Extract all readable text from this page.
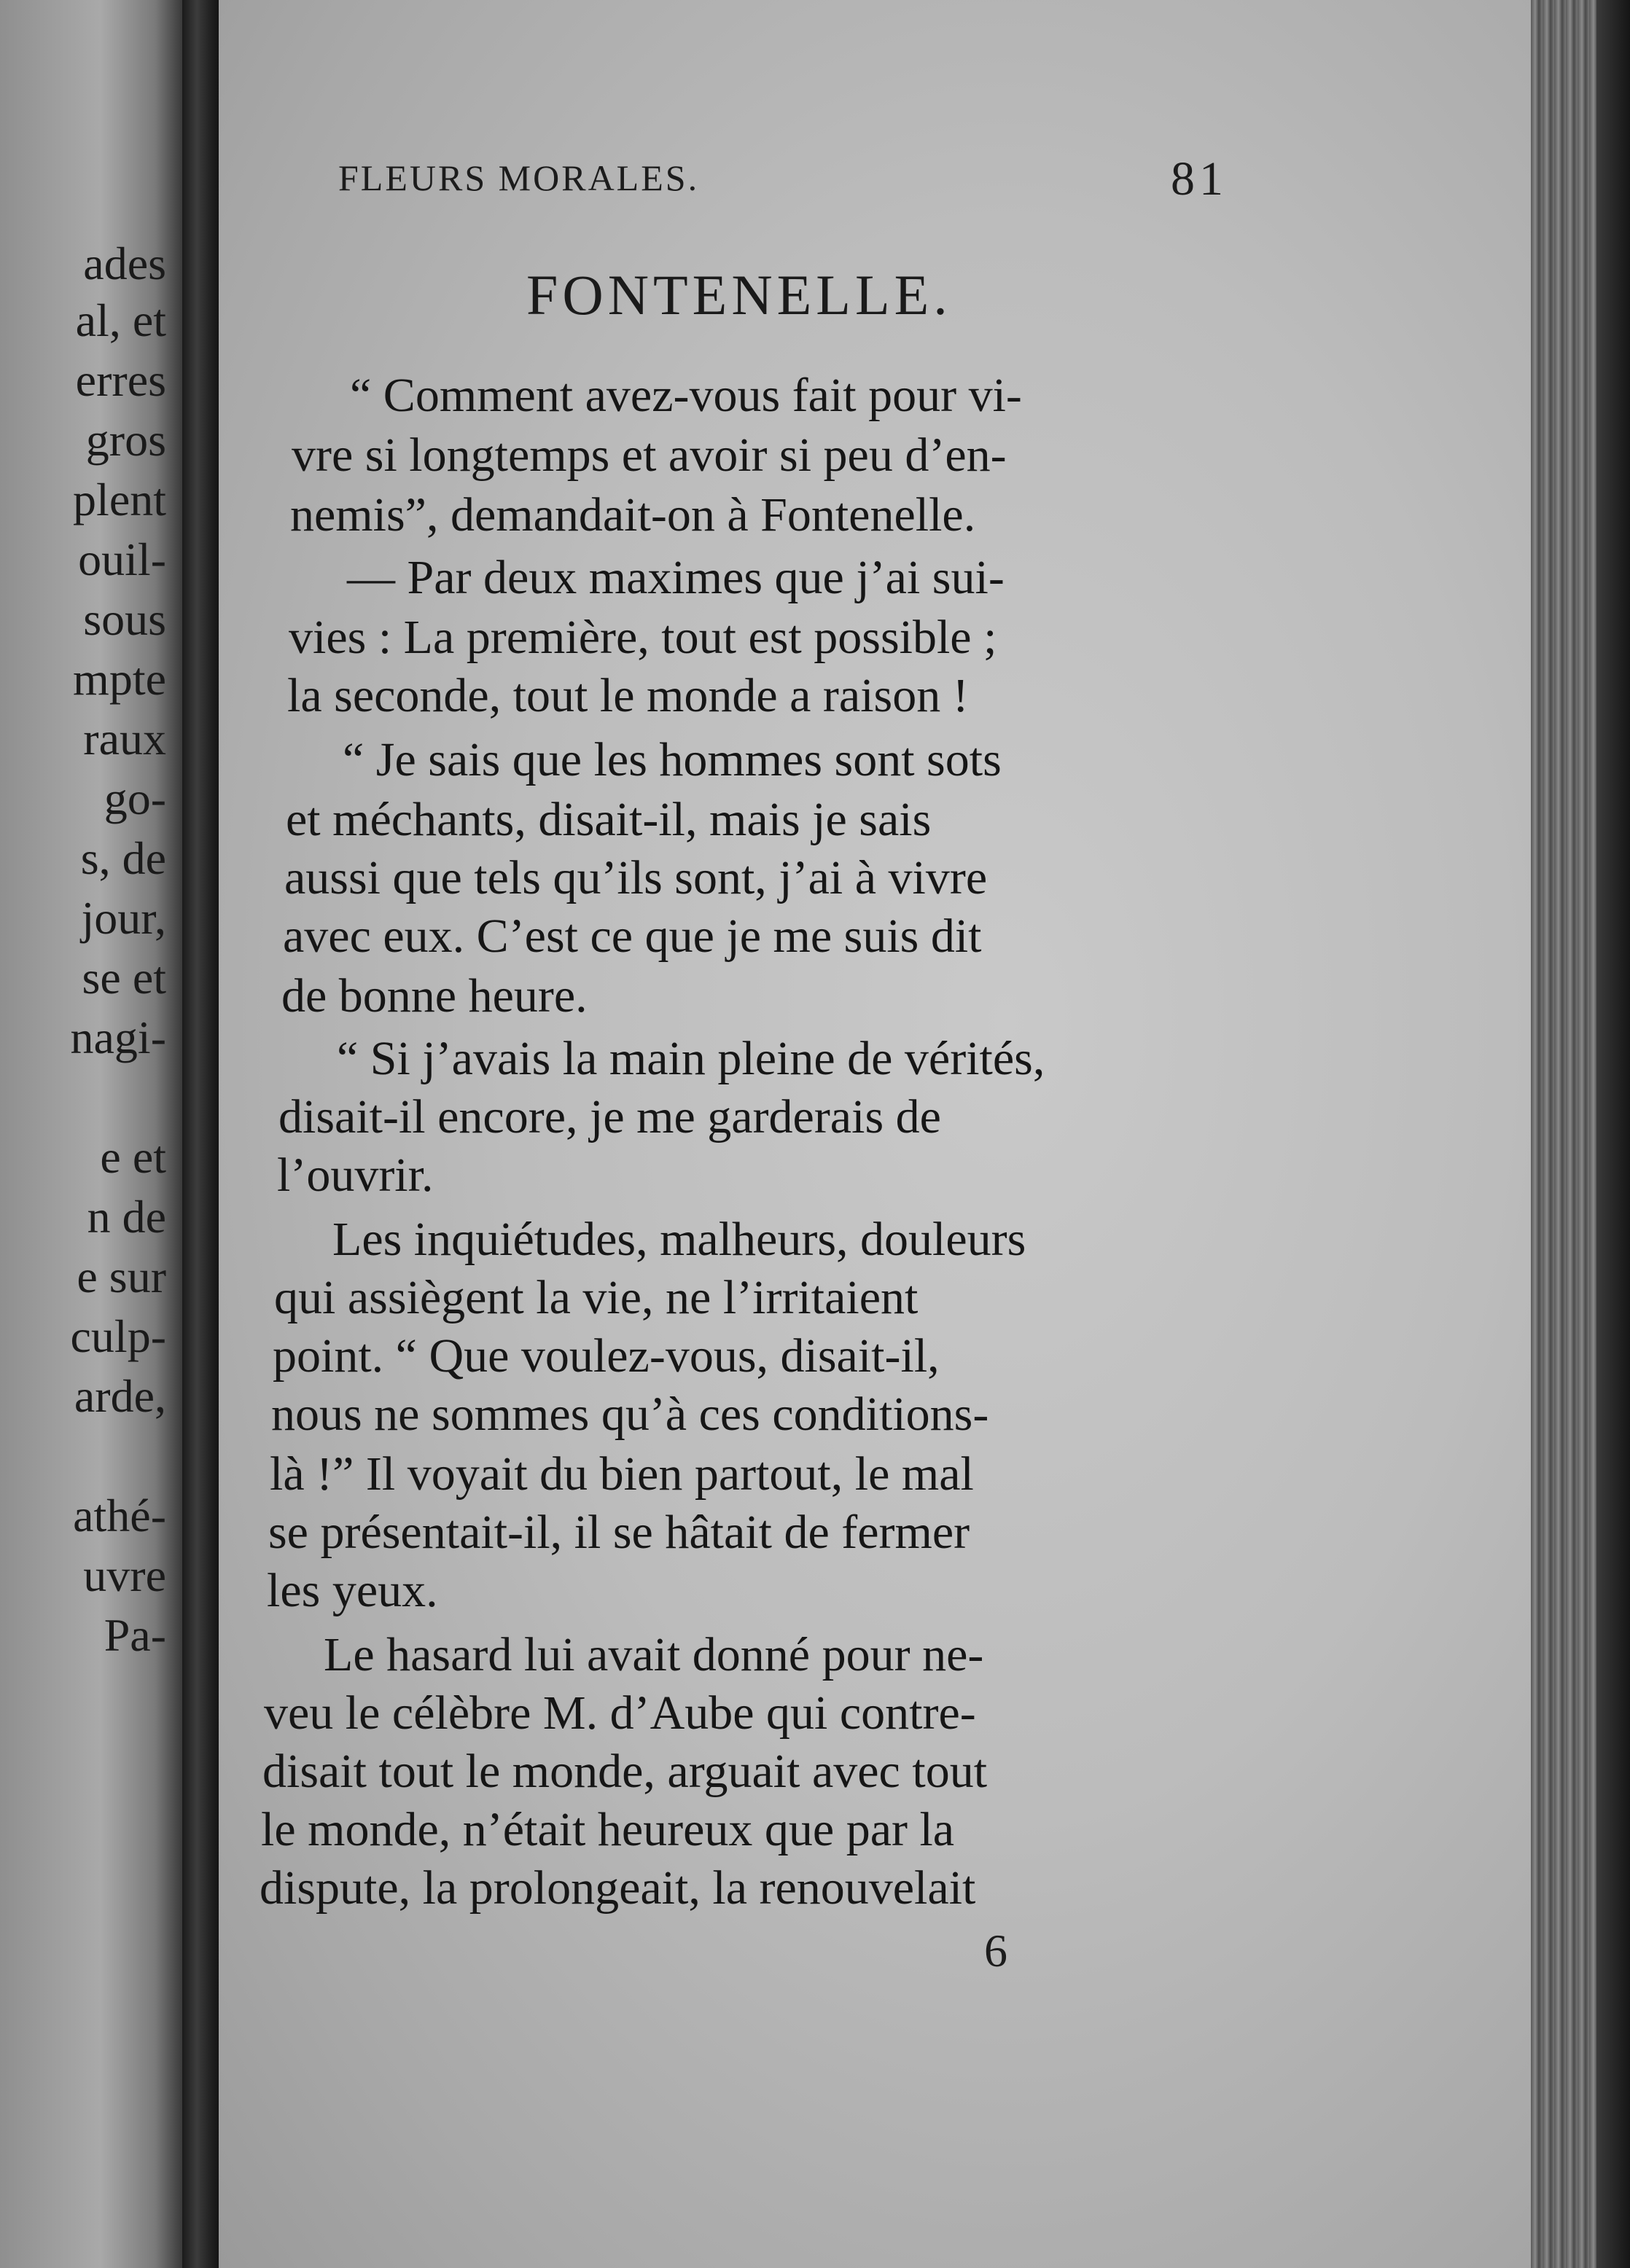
ades
al, et
erres
gros
plent
ouil-
sous
mpte
raux
go-
s, de
jour,
se et
nagi-
e et
n de
e sur
culp-
arde,
athé-
uvre
Pa-
FLEURS MORALES.	81
FONTENELLE.
“ Comment avez-vous fait pour vi-
vre si longtemps et avoir si peu d’en-
nemis”, demandait-on à Fontenelle.
— Par deux maximes que j’ai sui-
vies : La première, tout est possible ;
la seconde, tout le monde a raison !
“ Je sais que les hommes sont sots
et méchants, disait-il, mais je sais
aussi que tels qu’ils sont, j’ai à vivre
avec eux. C’est ce que je me suis dit
de bonne heure.
“ Si j’avais la main pleine de vérités,
disait-il encore, je me garderais de
l’ouvrir.
Les inquiétudes, malheurs, douleurs
qui assiègent la vie, ne l’irritaient
point. “ Que voulez-vous, disait-il,
nous ne sommes qu’à ces conditions-
là !” Il voyait du bien partout, le mal
se présentait-il, il se hâtait de fermer
les yeux.
Le hasard lui avait donné pour ne-
veu le célèbre M. d’Aube qui contre-
disait tout le monde, arguait avec tout
le monde, n’était heureux que par la
dispute, la prolongeait, la renouvelait
6
